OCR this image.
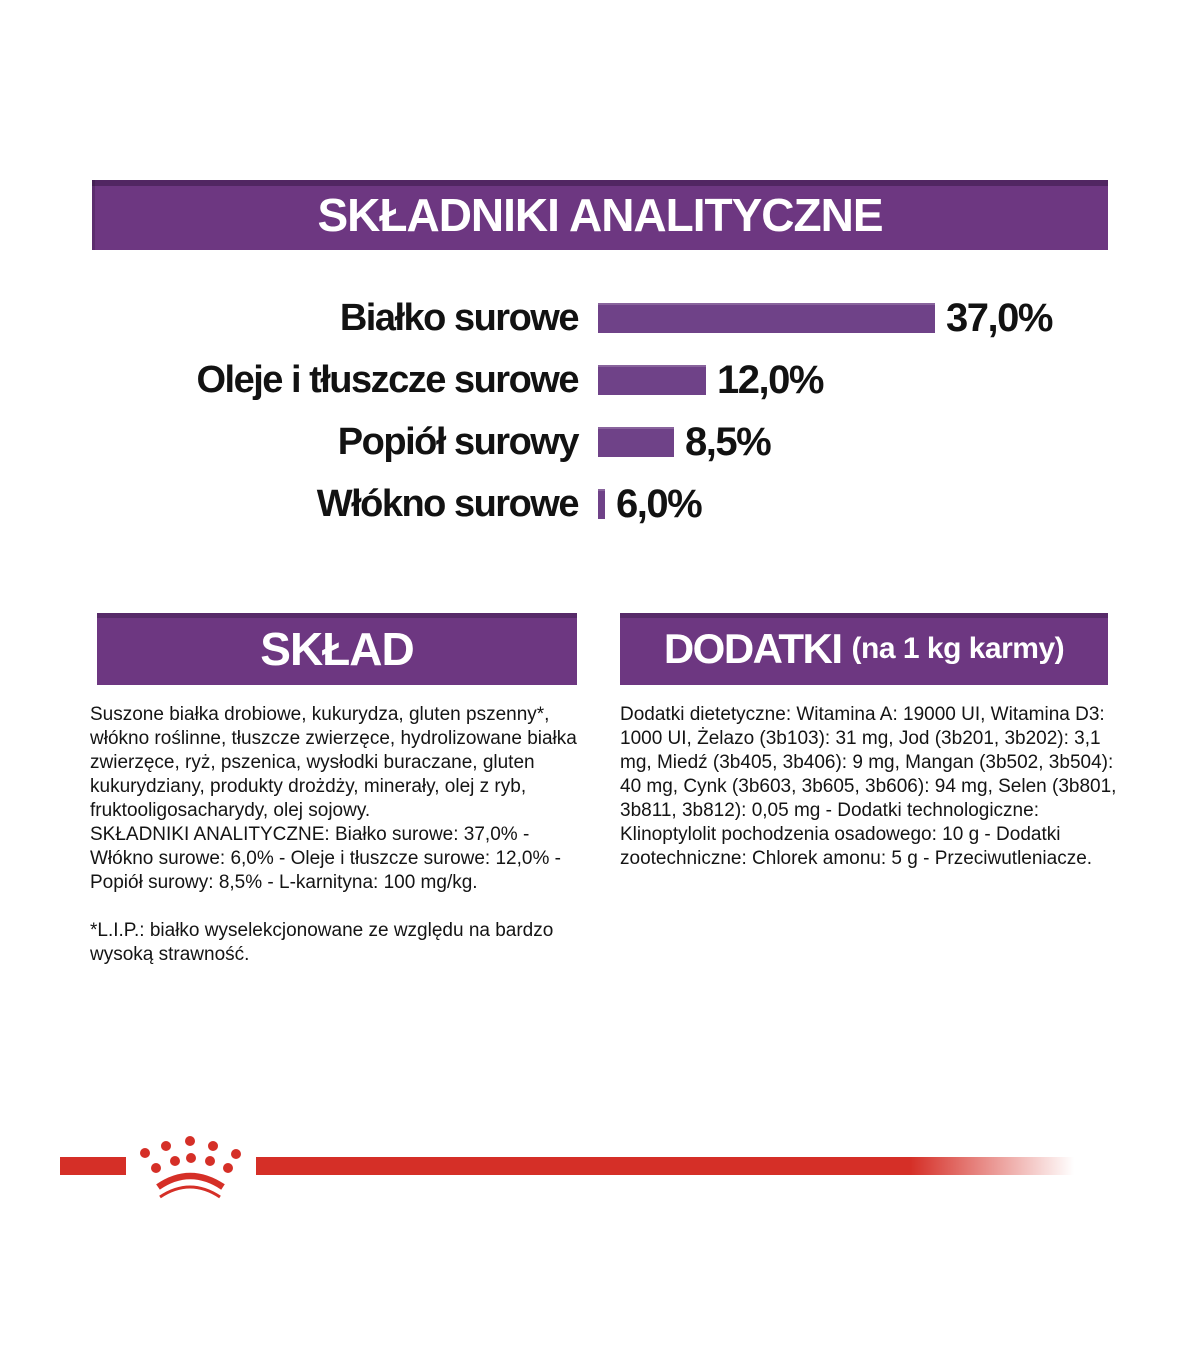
SKŁADNIKI ANALITYCZNE
Białko surowe	37,0%
Oleje i tłuszcze surowe	12,0%
Popiół surowy	8,5%
Włókno surowe 6,0%
SKŁAD	DODATKI (na 1 kg karmy)

Suszone białka drobiowe, kukurydza, gluten pszenny*, włókno roślinne, tłuszcze zwierzęce, hydrolizowane białka zwierzęce, ryż, pszenica, wysłodki buraczane, gluten kukurydziany, produkty drożdży, minerały, olej z ryb, fruktooligosacharydy, olej sojowy.

SKŁADNIKI ANALITYCZNE: Białko surowe: 37,0% - Włókno surowe: 6,0% - Oleje i tłuszcze surowe: 12,0% - Popiół surowy: 8,5% - L-karnityna: 100 mg/kg.

*L.I.P.: białko wyselekcjonowane ze względu na bardzo wysoką strawność.

Dodatki dietetyczne: Witamina A: 19000 UI, Witamina D3: 1000 UI, Żelazo (3b103): 31 mg, Jod (3b201, 3b202): 3,1 mg, Miedź (3b405, 3b406): 9 mg, Mangan (3b502, 3b504): 40 mg, Cynk (3b603, 3b605, 3b606): 94 mg, Selen (3b801, 3b811, 3b812): 0,05 mg - Dodatki technologiczne: Klinoptylolit pochodzenia osadowego: 10 g - Dodatki zootechniczne: Chlorek amonu: 5 g - Przeciwutleniacze.
